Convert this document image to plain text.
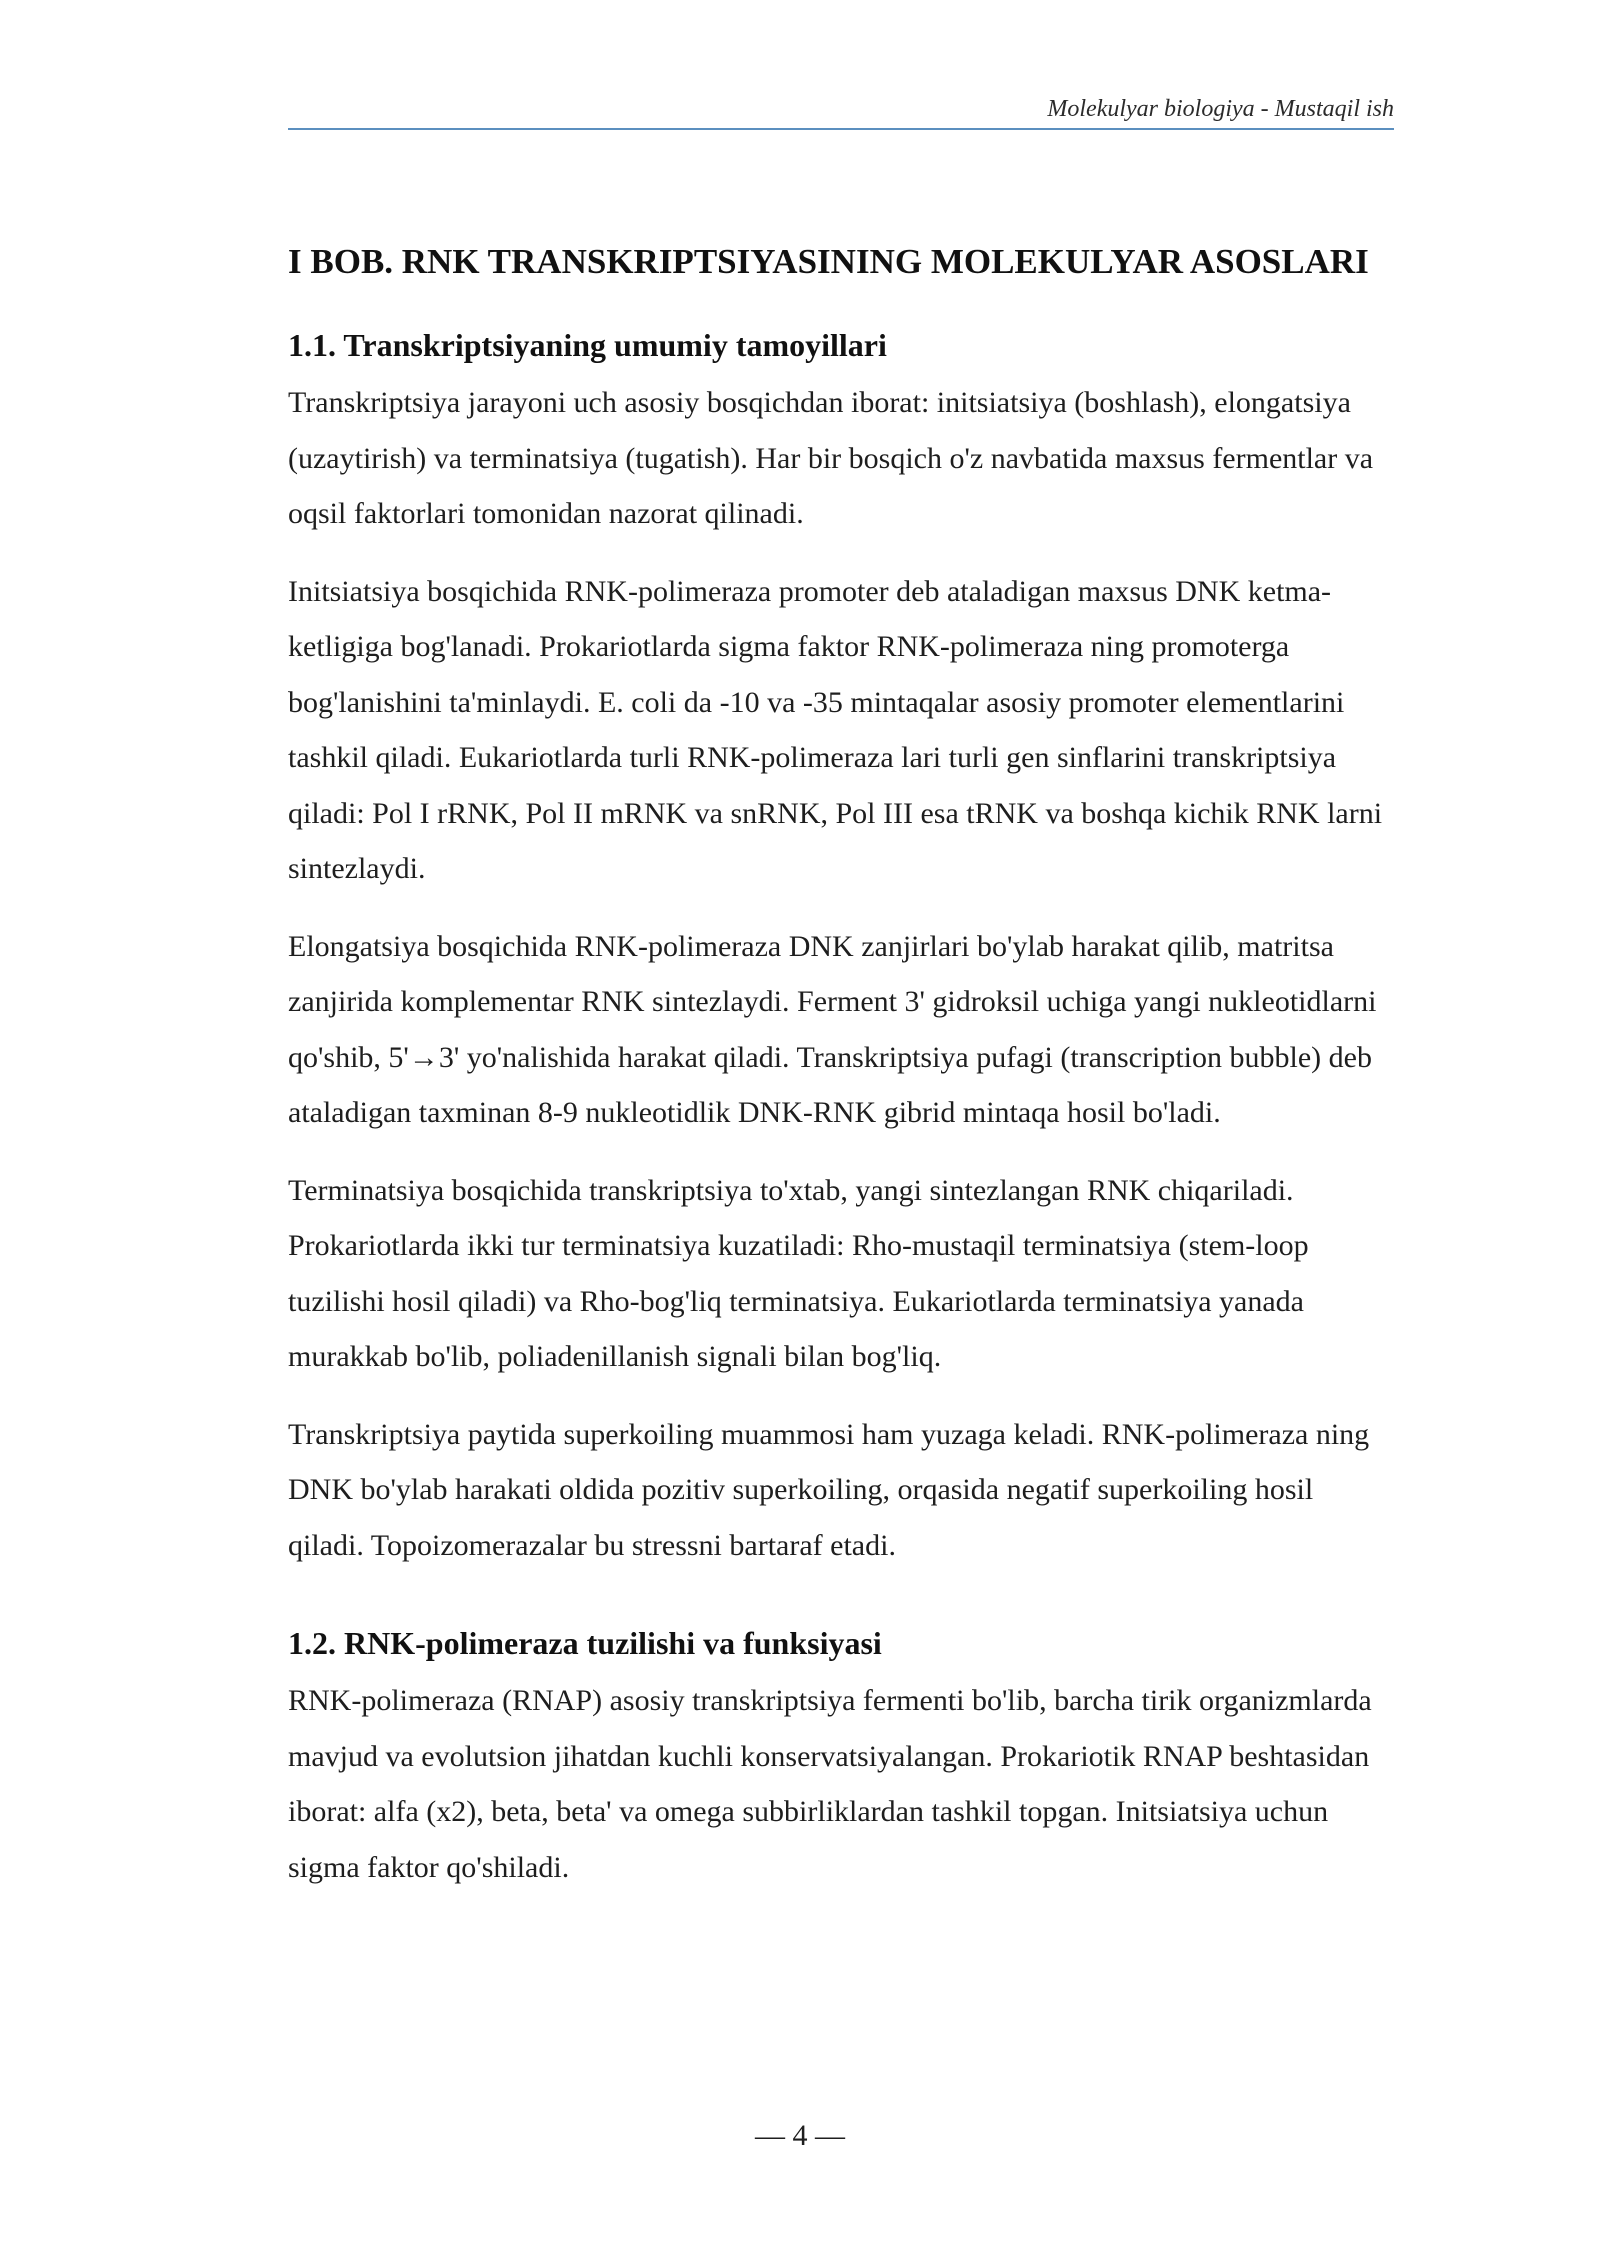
Molekulyar biologiya - Mustaqil ish
I BOB. RNK TRANSKRIPTSIYASINING MOLEKULYAR ASOSLARI
1.1. Transkriptsiyaning umumiy tamoyillari

Transkriptsiya jarayoni uch asosiy bosqichdan iborat: initsiatsiya (boshlash), elongatsiya (uzaytirish) va terminatsiya (tugatish). Har bir bosqich o'z navbatida maxsus fermentlar va oqsil faktorlari tomonidan nazorat qilinadi.

Initsiatsiya bosqichida RNK-polimeraza promoter deb ataladigan maxsus DNK ketma-ketligiga bog'lanadi. Prokariotlarda sigma faktor RNK-polimeraza ning promoterga bog'lanishini ta'minlaydi. E. coli da -10 va -35 mintaqalar asosiy promoter elementlarini tashkil qiladi. Eukariotlarda turli RNK-polimeraza lari turli gen sinflarini transkriptsiya qiladi: Pol I rRNK, Pol II mRNK va snRNK, Pol III esa tRNK va boshqa kichik RNK larni sintezlaydi.

Elongatsiya bosqichida RNK-polimeraza DNK zanjirlari bo'ylab harakat qilib, matritsa zanjirida komplementar RNK sintezlaydi. Ferment 3' gidroksil uchiga yangi nukleotidlarni qo'shib, 5'→3' yo'nalishida harakat qiladi. Transkriptsiya pufagi (transcription bubble) deb ataladigan taxminan 8-9 nukleotidlik DNK-RNK gibrid mintaqa hosil bo'ladi.

Terminatsiya bosqichida transkriptsiya to'xtab, yangi sintezlangan RNK chiqariladi. Prokariotlarda ikki tur terminatsiya kuzatiladi: Rho-mustaqil terminatsiya (stem-loop tuzilishi hosil qiladi) va Rho-bog'liq terminatsiya. Eukariotlarda terminatsiya yanada murakkab bo'lib, poliadenillanish signali bilan bog'liq.

Transkriptsiya paytida superkoiling muammosi ham yuzaga keladi. RNK-polimeraza ning DNK bo'ylab harakati oldida pozitiv superkoiling, orqasida negatif superkoiling hosil qiladi. Topoizomerazalar bu stressni bartaraf etadi.

1.2. RNK-polimeraza tuzilishi va funksiyasi

RNK-polimeraza (RNAP) asosiy transkriptsiya fermenti bo'lib, barcha tirik organizmlarda mavjud va evolutsion jihatdan kuchli konservatsiyalangan. Prokariotik RNAP beshtasidan iborat: alfa (x2), beta, beta' va omega subbirliklardan tashkil topgan. Initsiatsiya uchun sigma faktor qo'shiladi.

— 4 —
